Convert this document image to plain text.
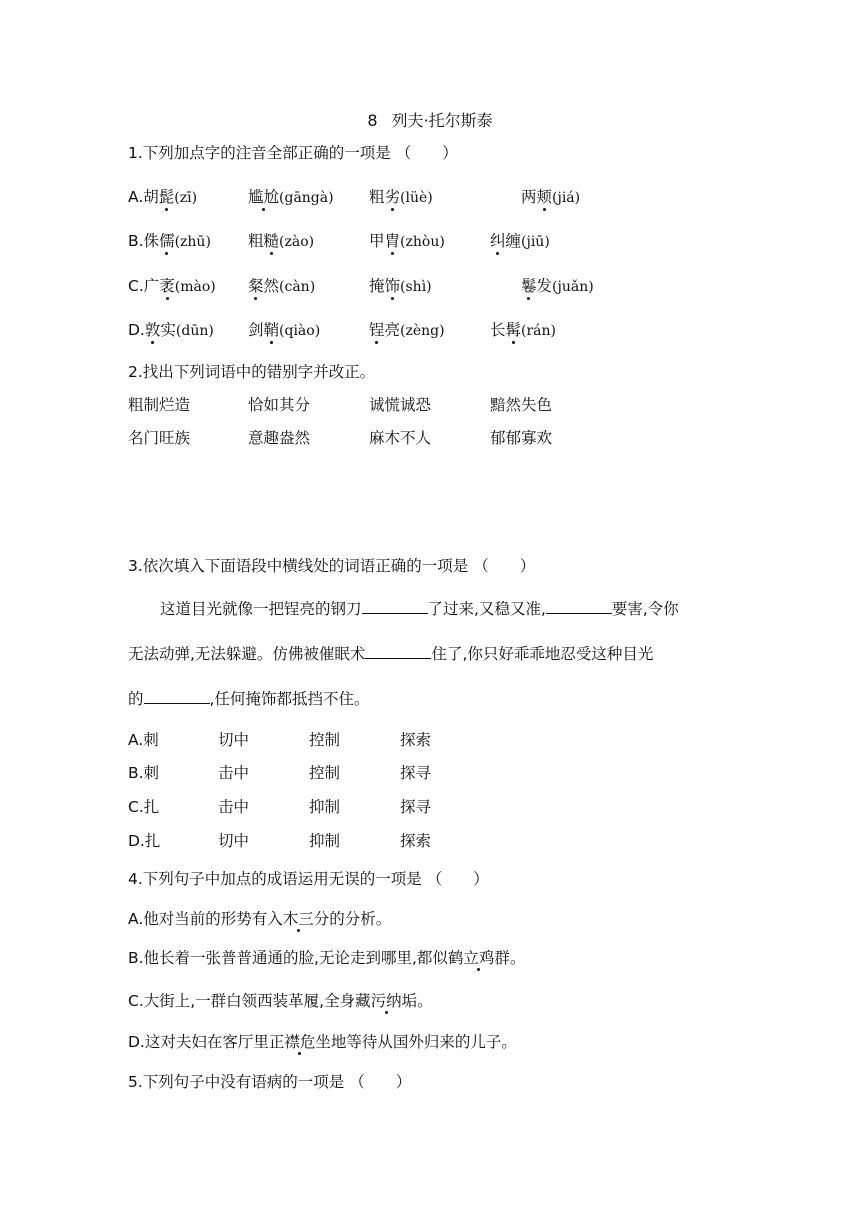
8 列夫·托尔斯泰
1.下列加点字的注音全部正确的一项是 （　　）
A.胡髭(zī)	尴尬(gāngà) 粗劣(lüè)	两颊(jiá)
B.侏儒(zhū) 粗糙(zào)	甲胄(zhòu)	纠缠(jiū)
C.广袤(mào) 粲然(càn)	掩饰(shì)	鬈发(juǎn)
D.敦实(dūn) 剑鞘(qiào)	锃亮(zèng)	长髯(rán)
2.找出下列词语中的错别字并改正。
粗制烂造	恰如其分	诚慌诚恐	黯然失色
名门旺族	意趣盎然	麻木不人	郁郁寡欢
3.依次填入下面语段中横线处的词语正确的一项是 （　　）
这道目光就像一把锃亮的钢刀	了过来,又稳又准,	要害,令你
无法动弹,无法躲避。仿佛被催眠术	住了,你只好乖乖地忍受这种目光
的	,任何掩饰都抵挡不住。
A.刺	切中	控制	探索
B.刺	击中	控制	探寻
C.扎	击中	抑制	探寻
D.扎	切中	抑制	探索
4.下列句子中加点的成语运用无误的一项是 （　　）
A.他对当前的形势有入木三分的分析。
B.他长着一张普普通通的脸,无论走到哪里,都似鹤立鸡群。
C.大街上,一群白领西装革履,全身藏污纳垢。
D.这对夫妇在客厅里正襟危坐地等待从国外归来的儿子。
5.下列句子中没有语病的一项是 （　　）
